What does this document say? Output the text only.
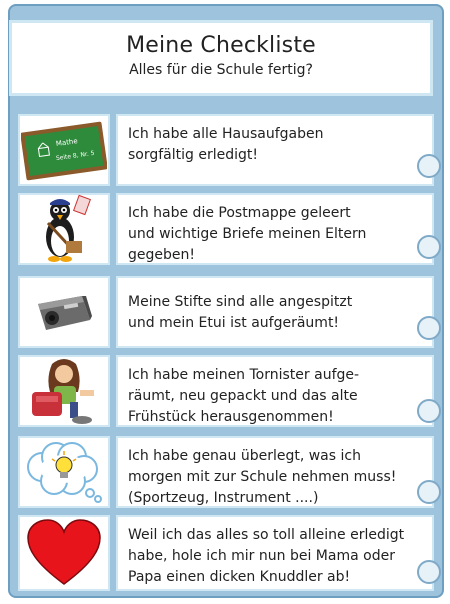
Meine Checkliste
Alles für die Schule fertig?
Mathe
Seite 8, Nr. 5
Ich habe alle Hausaufgaben
sorgfältig erledigt!
Ich habe die Postmappe geleert
und wichtige Briefe meinen Eltern
gegeben!
Meine Stifte sind alle angespitzt
und mein Etui ist aufgeräumt!
Ich habe meinen Tornister aufge-
räumt, neu gepackt und das alte
Frühstück herausgenommen!
Ich habe genau überlegt, was ich
morgen mit zur Schule nehmen muss!
(Sportzeug, Instrument ....)
Weil ich das alles so toll alleine erledigt
habe, hole ich mir nun bei Mama oder
Papa einen dicken Knuddler ab!
